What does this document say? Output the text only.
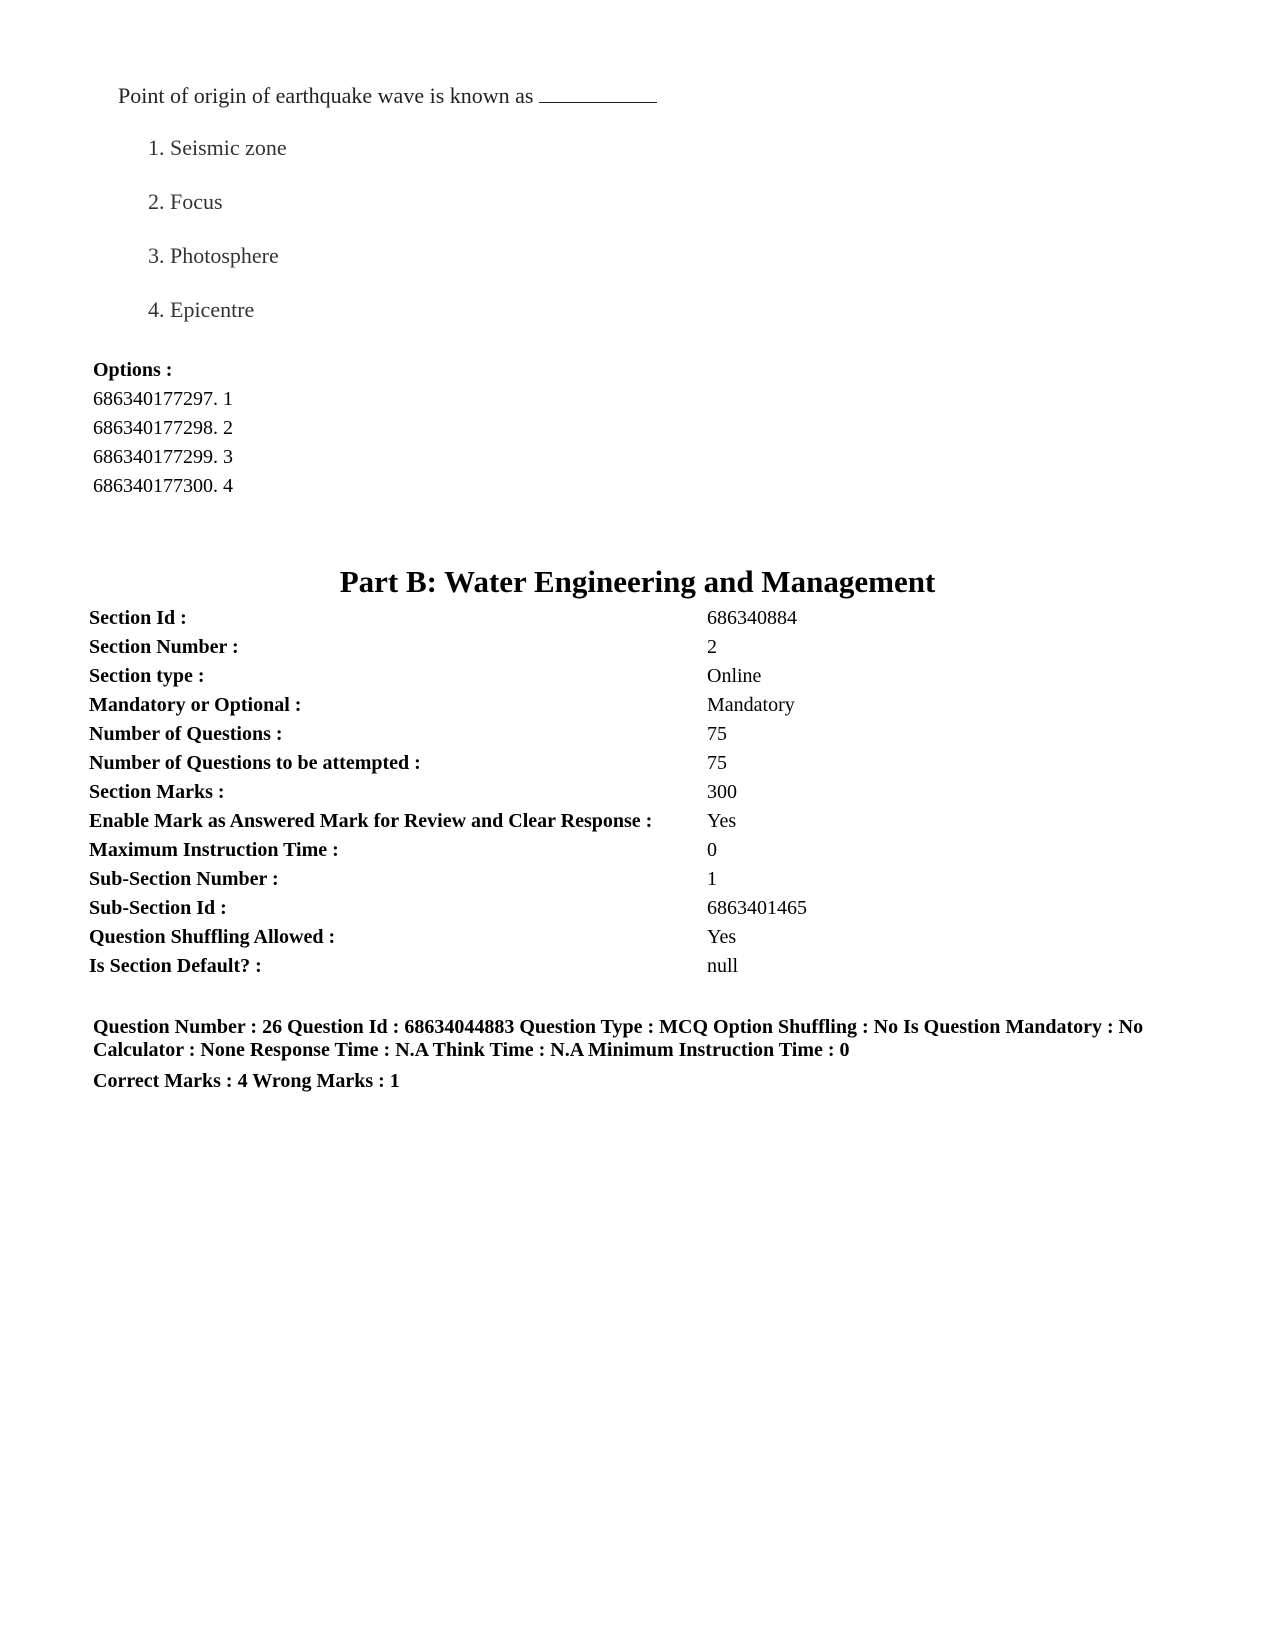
Point of origin of earthquake wave is known as

1. Seismic zone
2. Focus
3. Photosphere
4. Epicentre
Options :
686340177297. 1
686340177298. 2
686340177299. 3
686340177300. 4
Part B: Water Engineering and Management
Section Id :	686340884
Section Number :	2
Section type :	Online
Mandatory or Optional :	Mandatory
Number of Questions :	75
Number of Questions to be attempted :	75
Section Marks :	300
Enable Mark as Answered Mark for Review and Clear Response :	Yes
Maximum Instruction Time :	0
Sub-Section Number :	1
Sub-Section Id :	6863401465
Question Shuffling Allowed :	Yes
Is Section Default? :	null
Question Number : 26 Question Id : 68634044883 Question Type : MCQ Option Shuffling : No Is Question Mandatory : No Calculator : None Response Time : N.A Think Time : N.A Minimum Instruction Time : 0
Correct Marks : 4 Wrong Marks : 1
